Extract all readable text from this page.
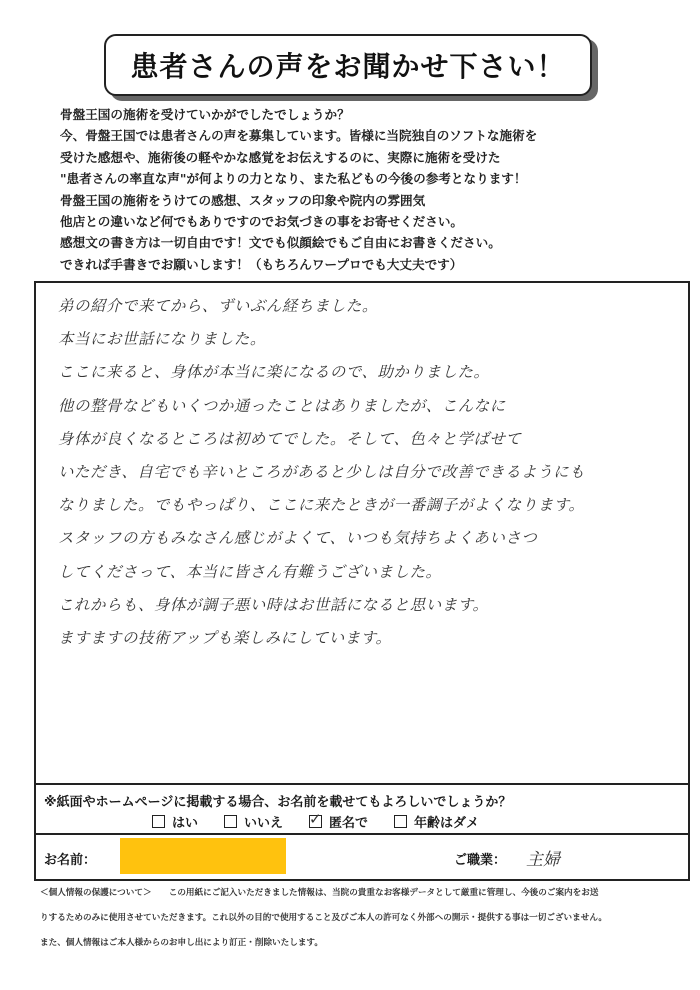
患者さんの声をお聞かせ下さい！
骨盤王国の施術を受けていかがでしたでしょうか？
今、骨盤王国では患者さんの声を募集しています。皆様に当院独自のソフトな施術を
受けた感想や、施術後の軽やかな感覚をお伝えするのに、実際に施術を受けた
"患者さんの率直な声"が何よりの力となり、また私どもの今後の参考となります！
骨盤王国の施術をうけての感想、スタッフの印象や院内の雰囲気
他店との違いなど何でもありですのでお気づきの事をお寄せください。
感想文の書き方は一切自由です！文でも似顔絵でもご自由にお書きください。
できれば手書きでお願いします！（もちろんワープロでも大丈夫です）
弟の紹介で来てから、ずいぶん経ちました。
本当にお世話になりました。
ここに来ると、身体が本当に楽になるので、助かりました。
他の整骨などもいくつか通ったことはありましたが、こんなに
身体が良くなるところは初めてでした。そして、色々と学ばせて
いただき、自宅でも辛いところがあると少しは自分で改善できるようにも
なりました。でもやっぱり、ここに来たときが一番調子がよくなります。
スタッフの方もみなさん感じがよくて、いつも気持ちよくあいさつ
してくださって、本当に皆さん有難うございました。
これからも、身体が調子悪い時はお世話になると思います。
ますますの技術アップも楽しみにしています。
※紙面やホームページに掲載する場合、お名前を載せてもよろしいでしょうか？
はい	いいえ
✓	匿名で	年齢はダメ
お名前：	ご職業： 主婦
＜個人情報の保護について＞　　この用紙にご記入いただきました情報は、当院の貴重なお客様データとして厳重に管理し、今後のご案内をお送
りするためのみに使用させていただきます。これ以外の目的で使用すること及びご本人の許可なく外部への開示・提供する事は一切ございません。
また、個人情報はご本人様からのお申し出により訂正・削除いたします。
